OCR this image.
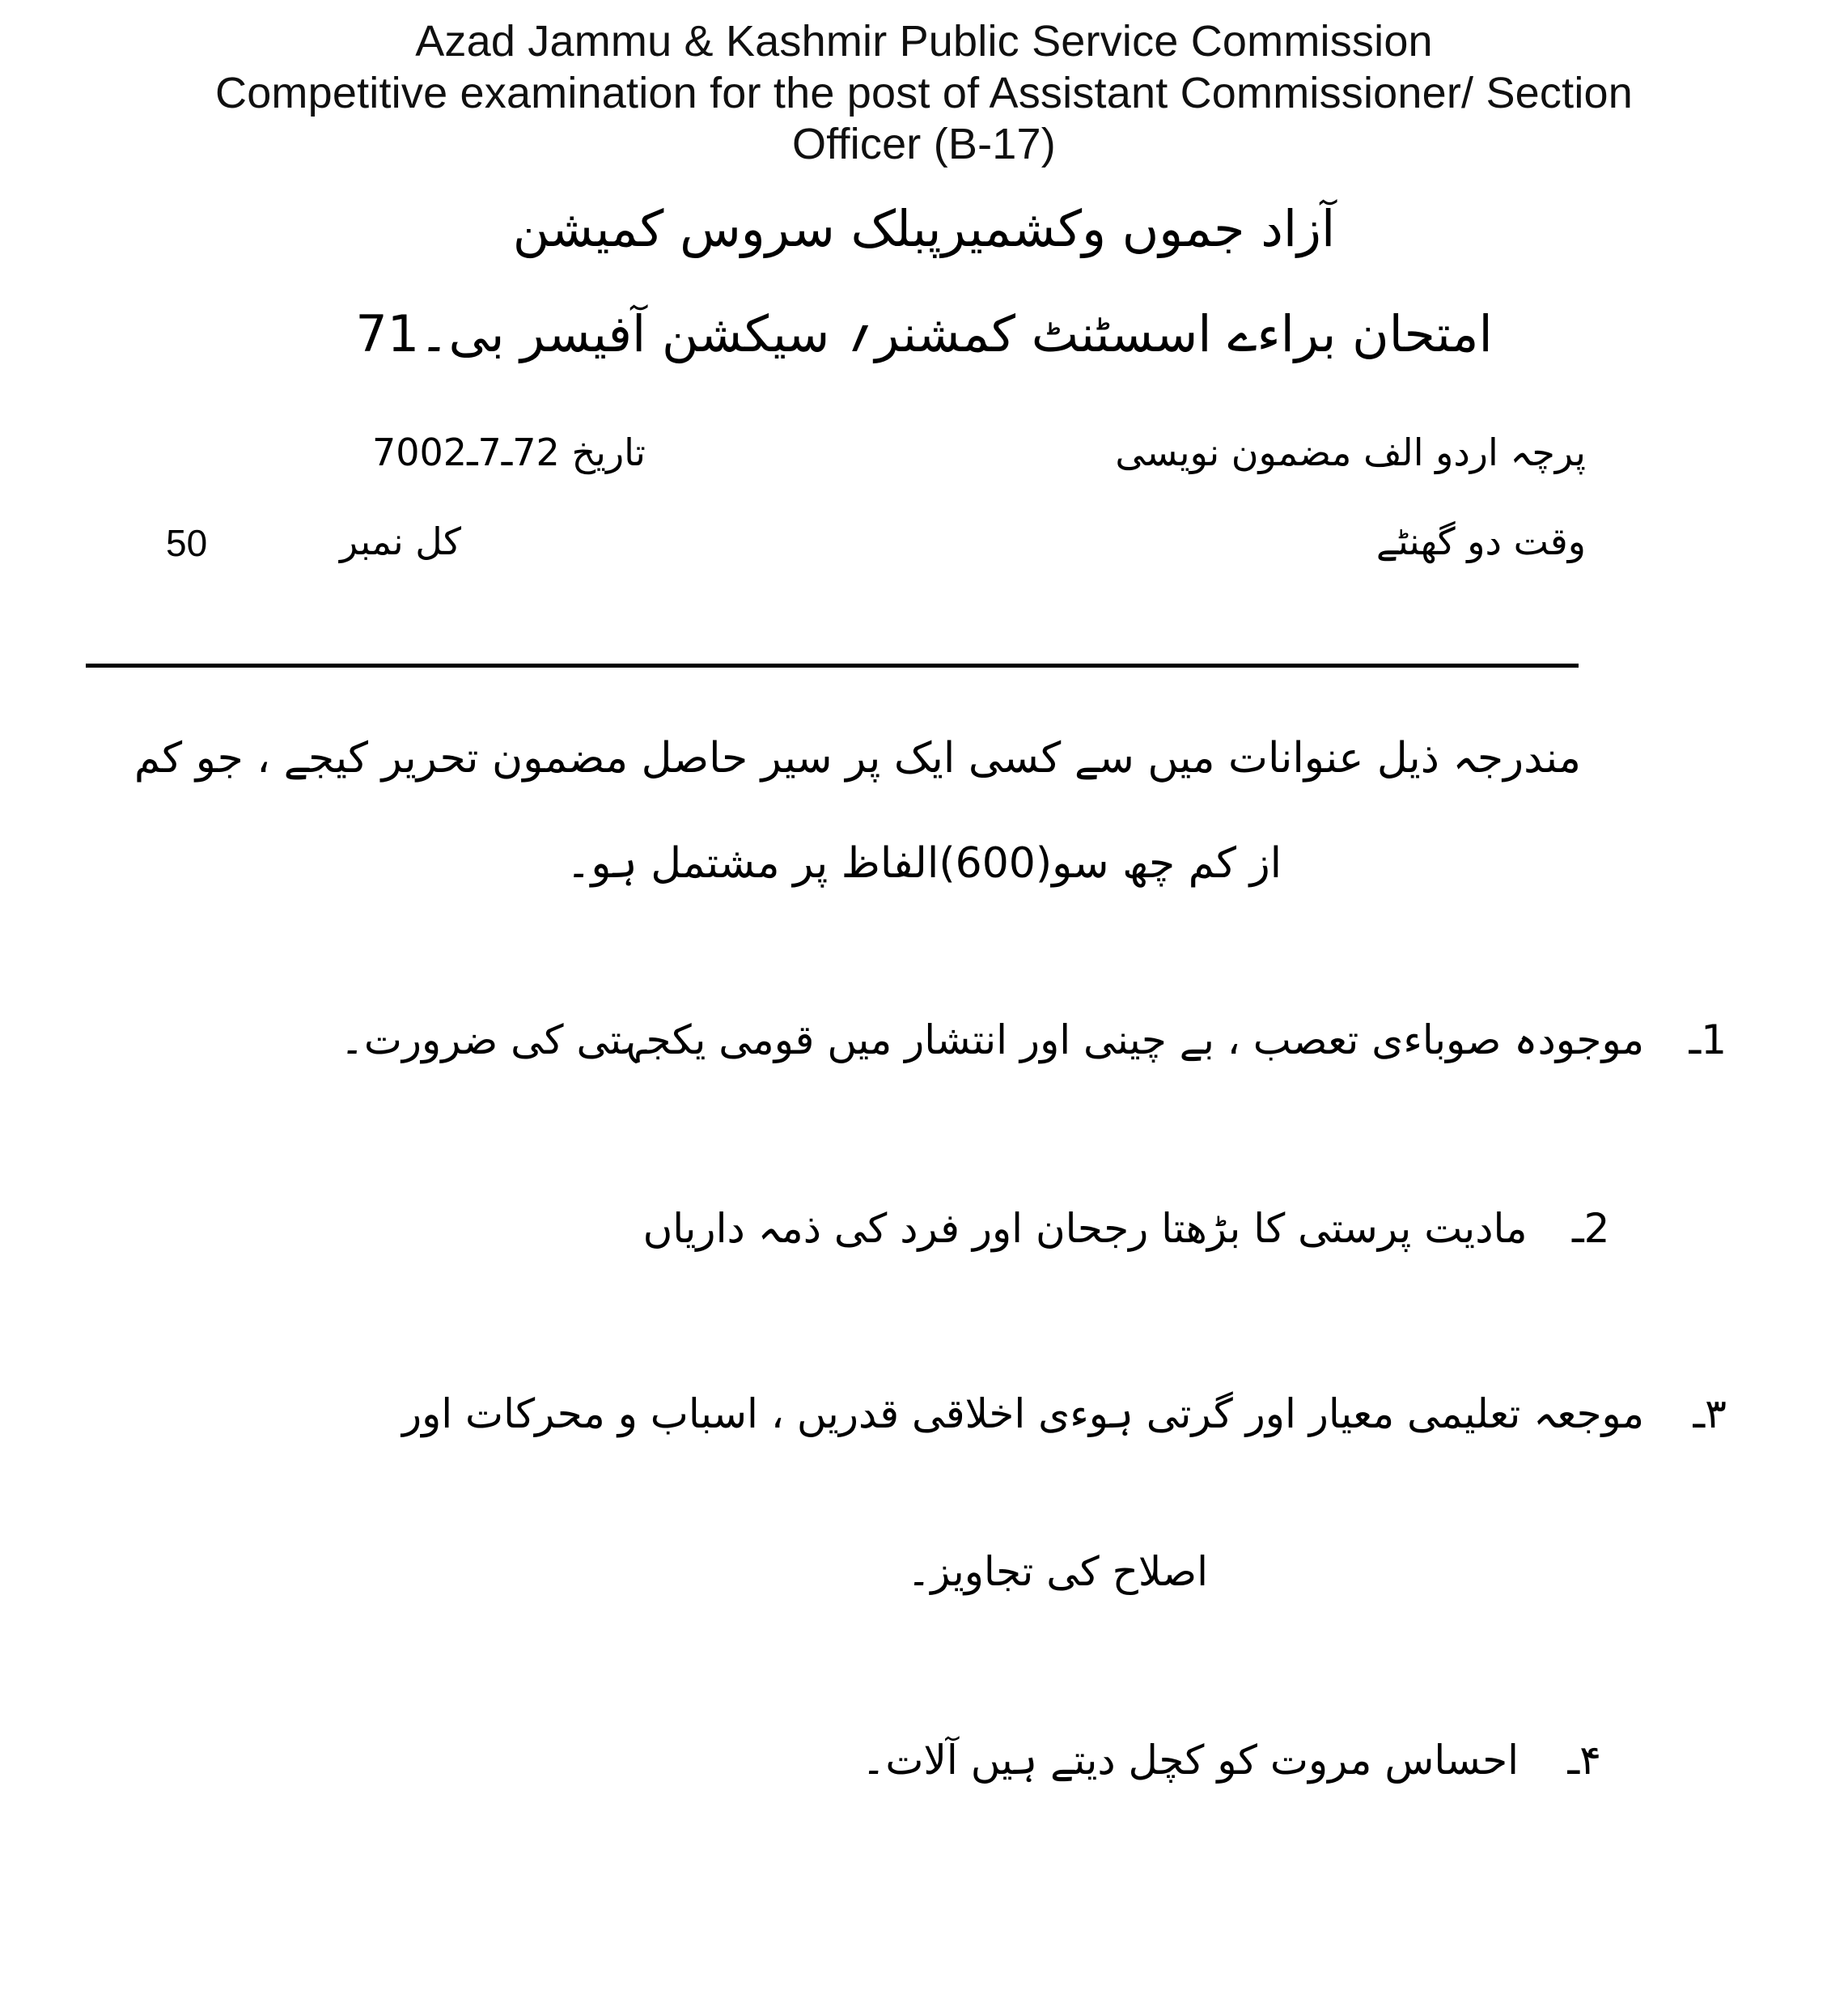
Azad Jammu & Kashmir Public Service Commission
Competitive examination for the post of Assistant Commissioner/ Section
Officer (B-17)
آزاد جموں وکشمیرپبلک سروس کمیشن
امتحان براءے اسسٹنٹ کمشنر؍ سیکشن آفیسر بی۔17
پرچہ اردو الف مضمون نویسی
تاریخ 27ـ7ـ2007
وقت دو گھنٹے
کل نمبر
50
مندرجہ ذیل عنوانات میں سے کسی ایک پر سیر حاصل مضمون تحریر کیجے ، جو کم
از کم چھ سو(600)الفاظ پر مشتمل ہو۔
1ـ موجودہ صوباءی تعصب ، بے چینی اور انتشار میں قومی یکجہتی کی ضرورت۔
2ـ مادیت پرستی کا بڑھتا رجحان اور فرد کی ذمہ داریاں
۳ـ موجعہ تعلیمی معیار اور گرتی ہوءی اخلاقی قدریں ، اسباب و محرکات اور
اصلاح کی تجاویز۔
۴ـ احساس مروت کو کچل دیتے ہیں آلات۔
